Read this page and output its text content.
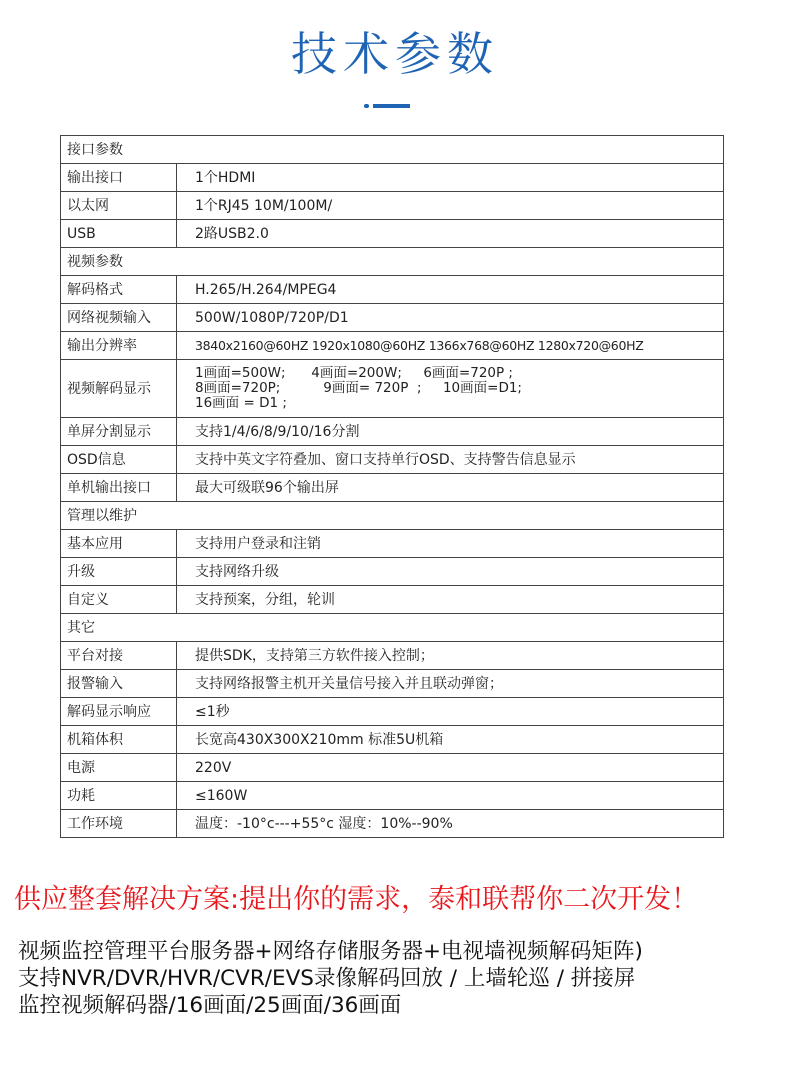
技术参数
接口参数	
输出接口	1个HDMI
以太网	1个RJ45 10M/100M/
USB	2路USB2.0
视频参数	
解码格式	H.265/H.264/MPEG4
网络视频输入	500W/1080P/720P/D1
输出分辨率	3840x2160@60HZ 1920x1080@60HZ 1366x768@60HZ 1280x720@60HZ
视频解码显示	1画面=500W;      4画面=200W;     6画面=720P ;
8画面=720P;          9画面= 720P  ;     10画面=D1;
16画面 = D1 ;

单屏分割显示	支持1/4/6/8/9/10/16分割
OSD信息	支持中英文字符叠加、窗口支持单行OSD、支持警告信息显示
单机输出接口	最大可级联96个输出屏
管理以维护	
基本应用	支持用户登录和注销
升级	支持网络升级
自定义	支持预案，分组，轮训
其它	
平台对接	提供SDK，支持第三方软件接入控制；
报警输入	支持网络报警主机开关量信号接入并且联动弹窗；
解码显示响应	≤1秒
机箱体积	长宽高430X300X210mm 标准5U机箱
电源	220V
功耗	≤160W
工作环境	温度：-10°c---+55°c 湿度：10%--90%
供应整套解决方案:提出你的需求，泰和联帮你二次开发！
视频监控管理平台服务器+网络存储服务器+电视墙视频解码矩阵)
支持NVR/DVR/HVR/CVR/EVS录像解码回放 / 上墙轮巡 / 拼接屏
监控视频解码器/16画面/25画面/36画面
